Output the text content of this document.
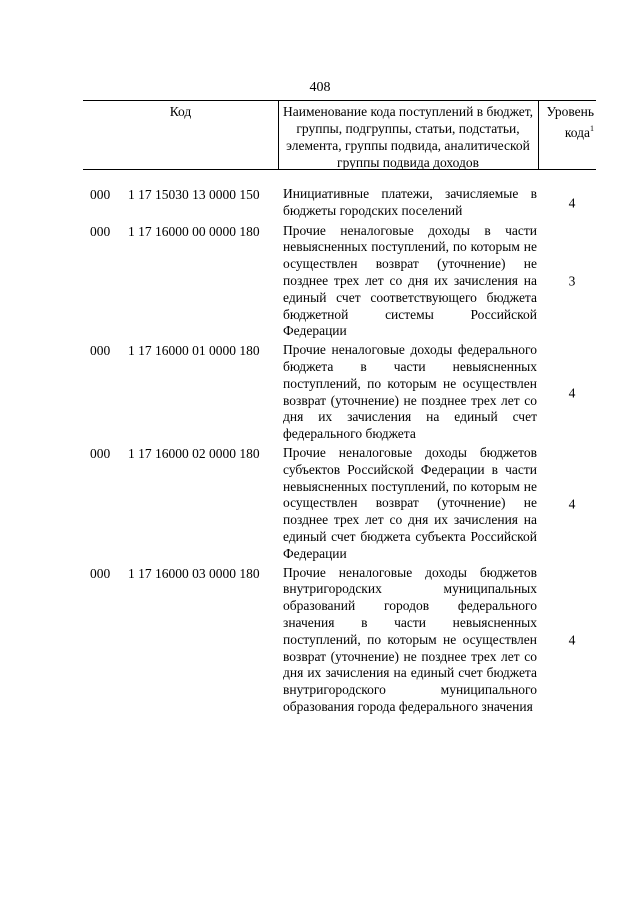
408
Код	Наименование кода поступлений в бюджет, группы, подгруппы, статьи, подстатьи, элемента, группы подвида, аналитической группы подвида доходов
Уровень кода$^1$
000 1 17 15030 13 0000 150 Инициативные платежи, зачисляемые в бюджеты городских поселений	4
000 1 17 16000 00 0000 180 Прочие неналоговые доходы в части невыясненных поступлений, по которым не осуществлен возврат (уточнение) не позднее трех лет со дня их зачисления на единый счет соответствующего бюджета бюджетной системы Российской Федерации
3
000 1 17 16000 01 0000 180 Прочие неналоговые доходы федерального бюджета в части невыясненных поступлений, по которым не осуществлен возврат (уточнение) не позднее трех лет со дня их зачисления на единый счет федерального бюджета
4
000 1 17 16000 02 0000 180 Прочие неналоговые доходы бюджетов субъектов Российской Федерации в части невыясненных поступлений, по которым не осуществлен возврат (уточнение) не позднее трех лет со дня их зачисления на единый счет бюджета субъекта Российской Федерации
4
000 1 17 16000 03 0000 180 Прочие неналоговые доходы бюджетов внутригородских муниципальных образований городов федерального значения в части невыясненных поступлений, по которым не осуществлен возврат (уточнение) не позднее трех лет со дня их зачисления на единый счет бюджета внутригородского муниципального образования города федерального значения
4
